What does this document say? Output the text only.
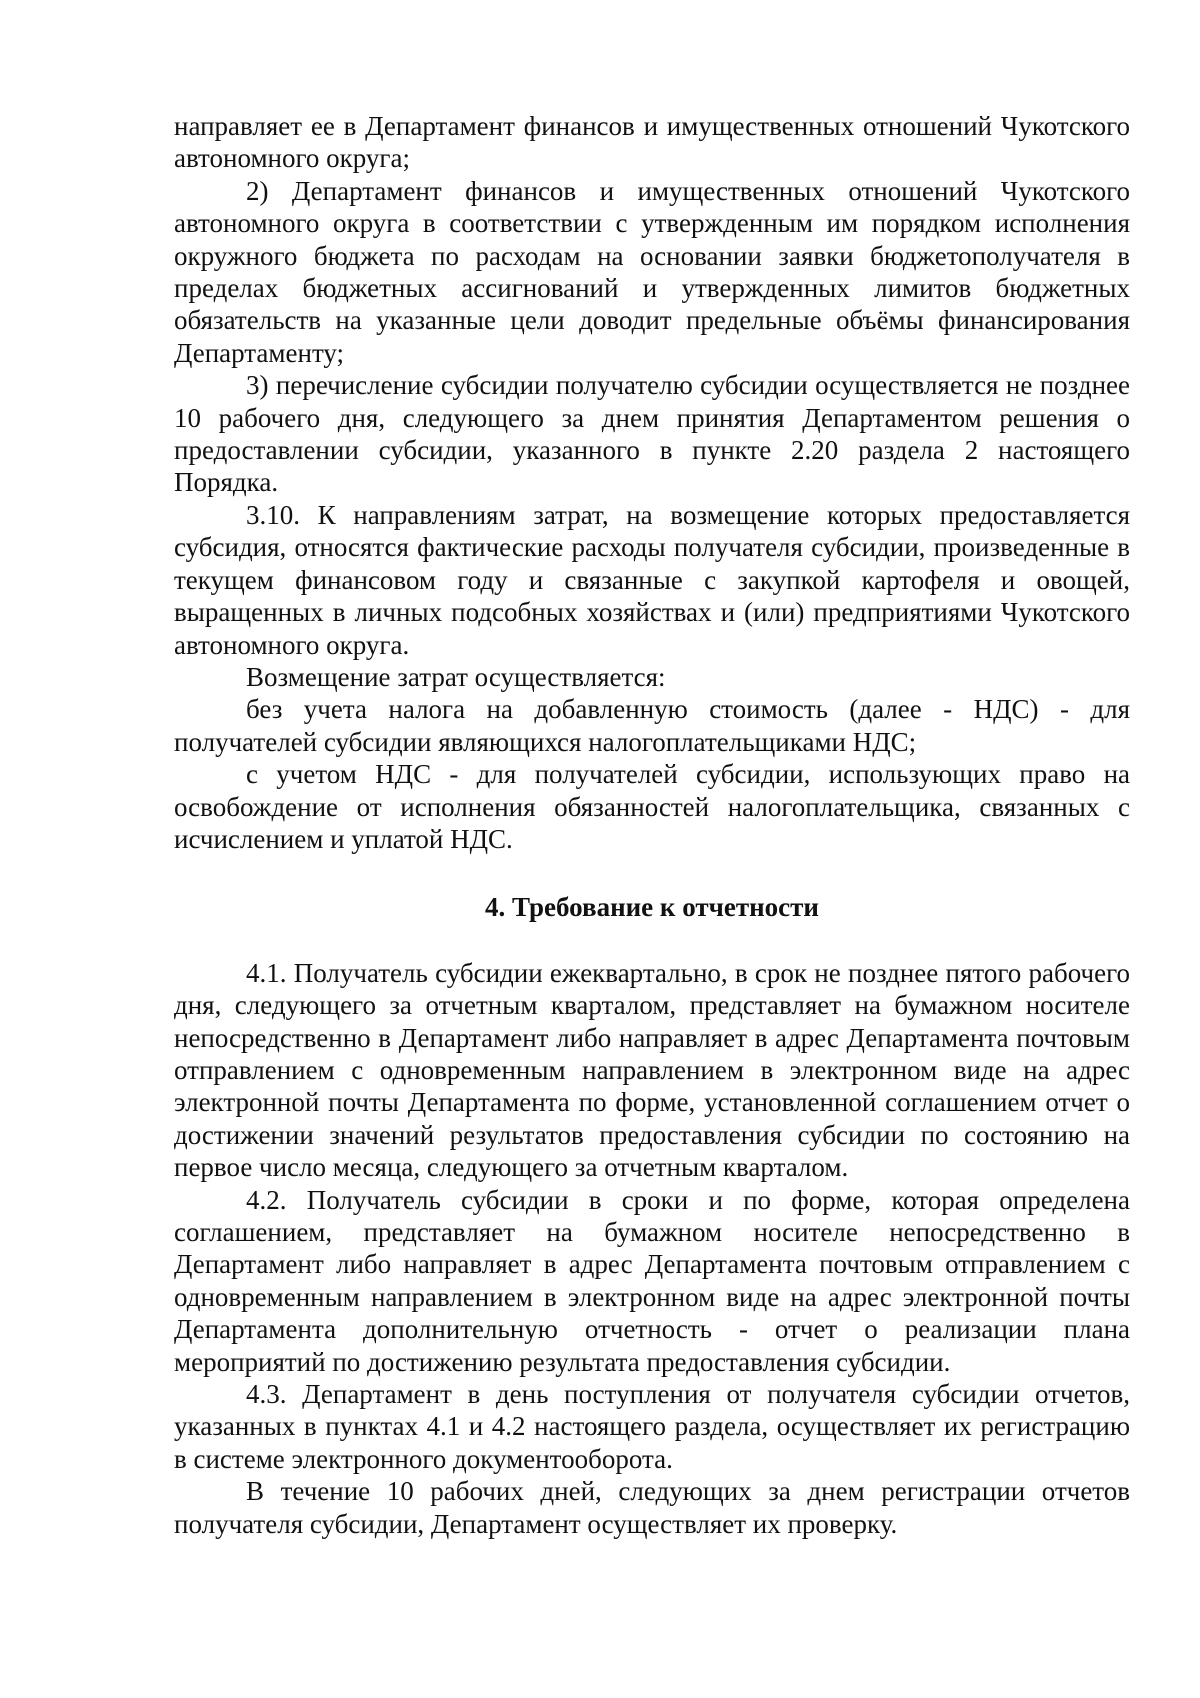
направляет ее в Департамент финансов и имущественных отношений Чукотского автономного округа;

2) Департамент финансов и имущественных отношений Чукотского автономного округа в соответствии с утвержденным им порядком исполнения окружного бюджета по расходам на основании заявки бюджетополучателя в пределах бюджетных ассигнований и утвержденных лимитов бюджетных обязательств на указанные цели доводит предельные объёмы финансирования Департаменту;

3) перечисление субсидии получателю субсидии осуществляется не позднее 10 рабочего дня, следующего за днем принятия Департаментом решения о предоставлении субсидии, указанного в пункте 2.20 раздела 2 настоящего Порядка.

3.10. К направлениям затрат, на возмещение которых предоставляется субсидия, относятся фактические расходы получателя субсидии, произведенные в текущем финансовом году и связанные с закупкой картофеля и овощей, выращенных в личных подсобных хозяйствах и (или) предприятиями Чукотского автономного округа.

Возмещение затрат осуществляется:

без учета налога на добавленную стоимость (далее - НДС) - для получателей субсидии являющихся налогоплательщиками НДС;

с учетом НДС - для получателей субсидии, использующих право на освобождение от исполнения обязанностей налогоплательщика, связанных с исчислением и уплатой НДС.

4. Требование к отчетности

4.1. Получатель субсидии ежеквартально, в срок не позднее пятого рабочего дня, следующего за отчетным кварталом, представляет на бумажном носителе непосредственно в Департамент либо направляет в адрес Департамента почтовым отправлением с одновременным направлением в электронном виде на адрес электронной почты Департамента по форме, установленной соглашением отчет о достижении значений результатов предоставления субсидии по состоянию на первое число месяца, следующего за отчетным кварталом.

4.2. Получатель субсидии в сроки и по форме, которая определена соглашением, представляет на бумажном носителе непосредственно в Департамент либо направляет в адрес Департамента почтовым отправлением с одновременным направлением в электронном виде на адрес электронной почты Департамента дополнительную отчетность - отчет о реализации плана мероприятий по достижению результата предоставления субсидии.

4.3. Департамент в день поступления от получателя субсидии отчетов, указанных в пунктах 4.1 и 4.2 настоящего раздела, осуществляет их регистрацию в системе электронного документооборота.

В течение 10 рабочих дней, следующих за днем регистрации отчетов получателя субсидии, Департамент осуществляет их проверку.
